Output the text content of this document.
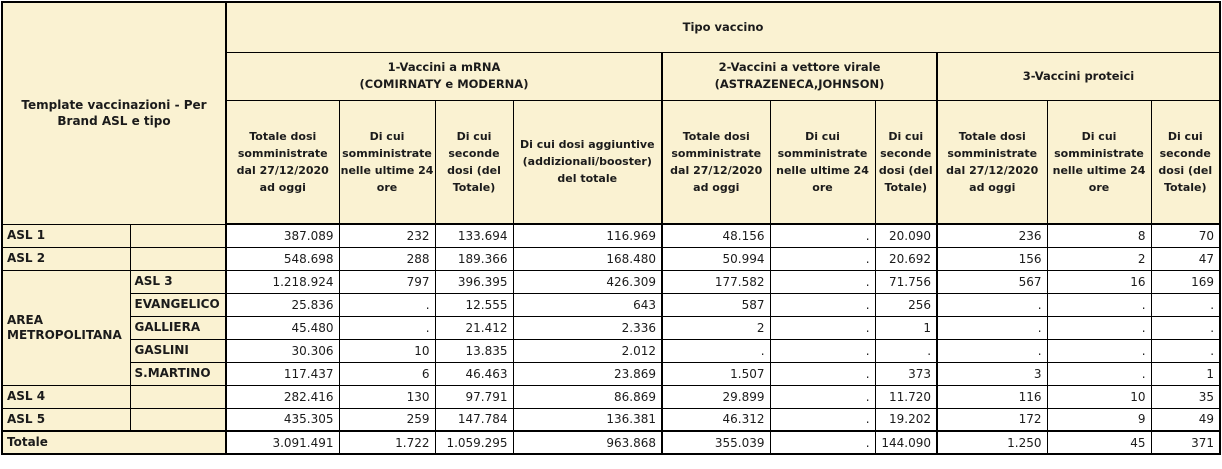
Template vaccinazioni - Per Brand ASL e tipo		Tipo vaccino									

1-Vaccini a mRNA
(COMIRNATY e MODERNA)

2-Vaccini a vettore virale
(ASTRAZENECA,JOHNSON)

3-Vaccini proteici

		Totale dosi somministrate dal 27/12/2020 ad oggi	Di cui somministrate nelle ultime 24 ore	Di cui seconde dosi (del Totale)	Di cui dosi aggiuntive (addizionali/booster) del totale	Totale dosi somministrate dal 27/12/2020 ad oggi	Di cui somministrate nelle ultime 24 ore	Di cui seconde dosi (del Totale)	Totale dosi somministrate dal 27/12/2020 ad oggi	Di cui somministrate nelle ultime 24 ore	Di cui seconde dosi (del Totale)
ASL 1		387.089	232	133.694	116.969	48.156	.	20.090	236	8	70
ASL 2		548.698	288	189.366	168.480	50.994	.	20.692	156	2	47
AREA METROPOLITANA	ASL 3	1.218.924	797	396.395	426.309	177.582	.	71.756	567	16	169
	EVANGELICO	25.836	.	12.555	643	587	.	256	.	.	.
	GALLIERA	45.480	.	21.412	2.336	2	.	1	.	.	.
	GASLINI	30.306	10	13.835	2.012	.	.	.	.	.	.
	S.MARTINO	117.437	6	46.463	23.869	1.507	.	373	3	.	1
ASL 4		282.416	130	97.791	86.869	29.899	.	11.720	116	10	35
ASL 5		435.305	259	147.784	136.381	46.312	.	19.202	172	9	49
Totale		3.091.491	1.722	1.059.295	963.868	355.039	.	144.090	1.250	45	371
